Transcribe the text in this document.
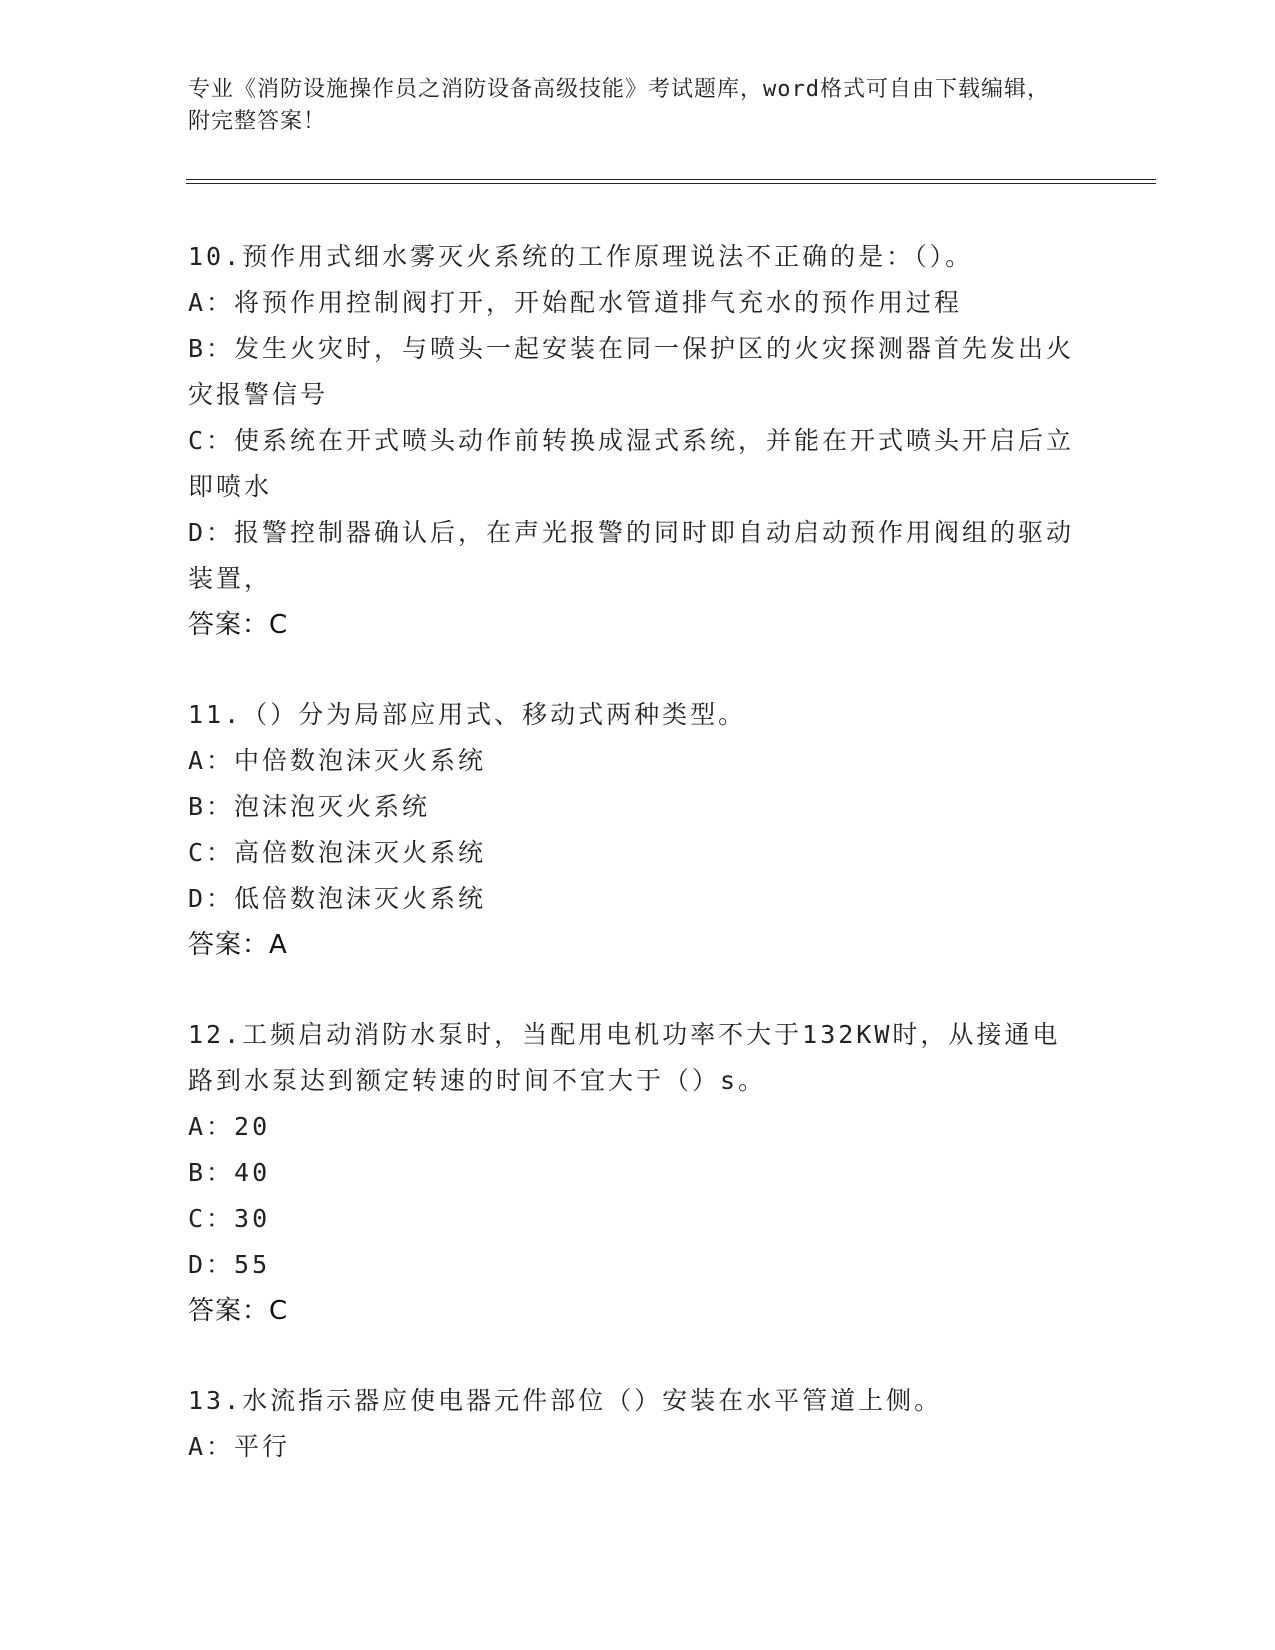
专业《消防设施操作员之消防设备高级技能》考试题库，word格式可自由下载编辑，附完整答案！
10.预作用式细水雾灭火系统的工作原理说法不正确的是：（）。
A：将预作用控制阀打开，开始配水管道排气充水的预作用过程
B：发生火灾时，与喷头一起安装在同一保护区的火灾探测器首先发出火灾报警信号
C：使系统在开式喷头动作前转换成湿式系统，并能在开式喷头开启后立即喷水
D：报警控制器确认后，在声光报警的同时即自动启动预作用阀组的驱动装置，
答案：C
11.（）分为局部应用式、移动式两种类型。
A：中倍数泡沫灭火系统
B：泡沫泡灭火系统
C：高倍数泡沫灭火系统
D：低倍数泡沫灭火系统
答案：A
12.工频启动消防水泵时，当配用电机功率不大于132KW时，从接通电路到水泵达到额定转速的时间不宜大于（）s。
A：20
B：40
C：30
D：55
答案：C
13.水流指示器应使电器元件部位（）安装在水平管道上侧。
A：平行
